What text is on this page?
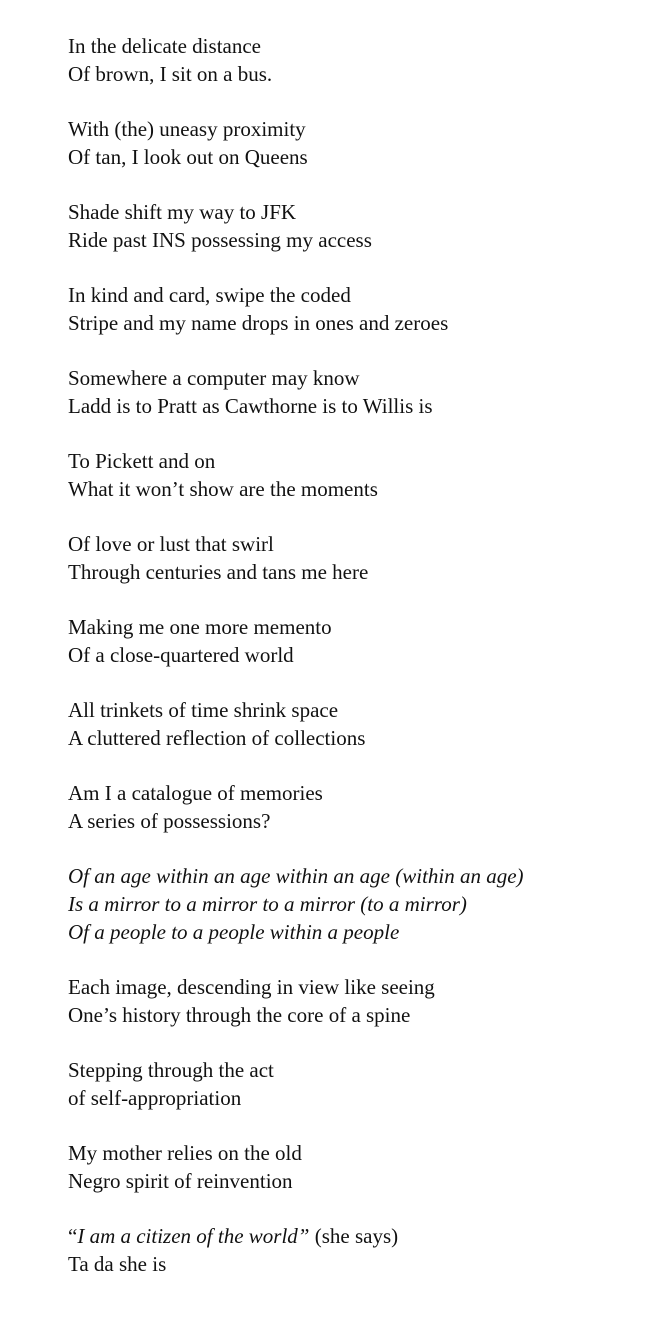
In the delicate distance
Of brown, I sit on a bus.
With (the) uneasy proximity
Of tan, I look out on Queens
Shade shift my way to JFK
Ride past INS possessing my access
In kind and card, swipe the coded
Stripe and my name drops in ones and zeroes
Somewhere a computer may know
Ladd is to Pratt as Cawthorne is to Willis is
To Pickett and on
What it won’t show are the moments
Of love or lust that swirl
Through centuries and tans me here
Making me one more memento
Of a close-quartered world
All trinkets of time shrink space
A cluttered reflection of collections
Am I a catalogue of memories
A series of possessions?
Of an age within an age within an age (within an age)
Is a mirror to a mirror to a mirror (to a mirror)
Of a people to a people within a people
Each image, descending in view like seeing
One’s history through the core of a spine
Stepping through the act
of self-appropriation
My mother relies on the old
Negro spirit of reinvention
“I am a citizen of the world” (she says)
Ta da she is
